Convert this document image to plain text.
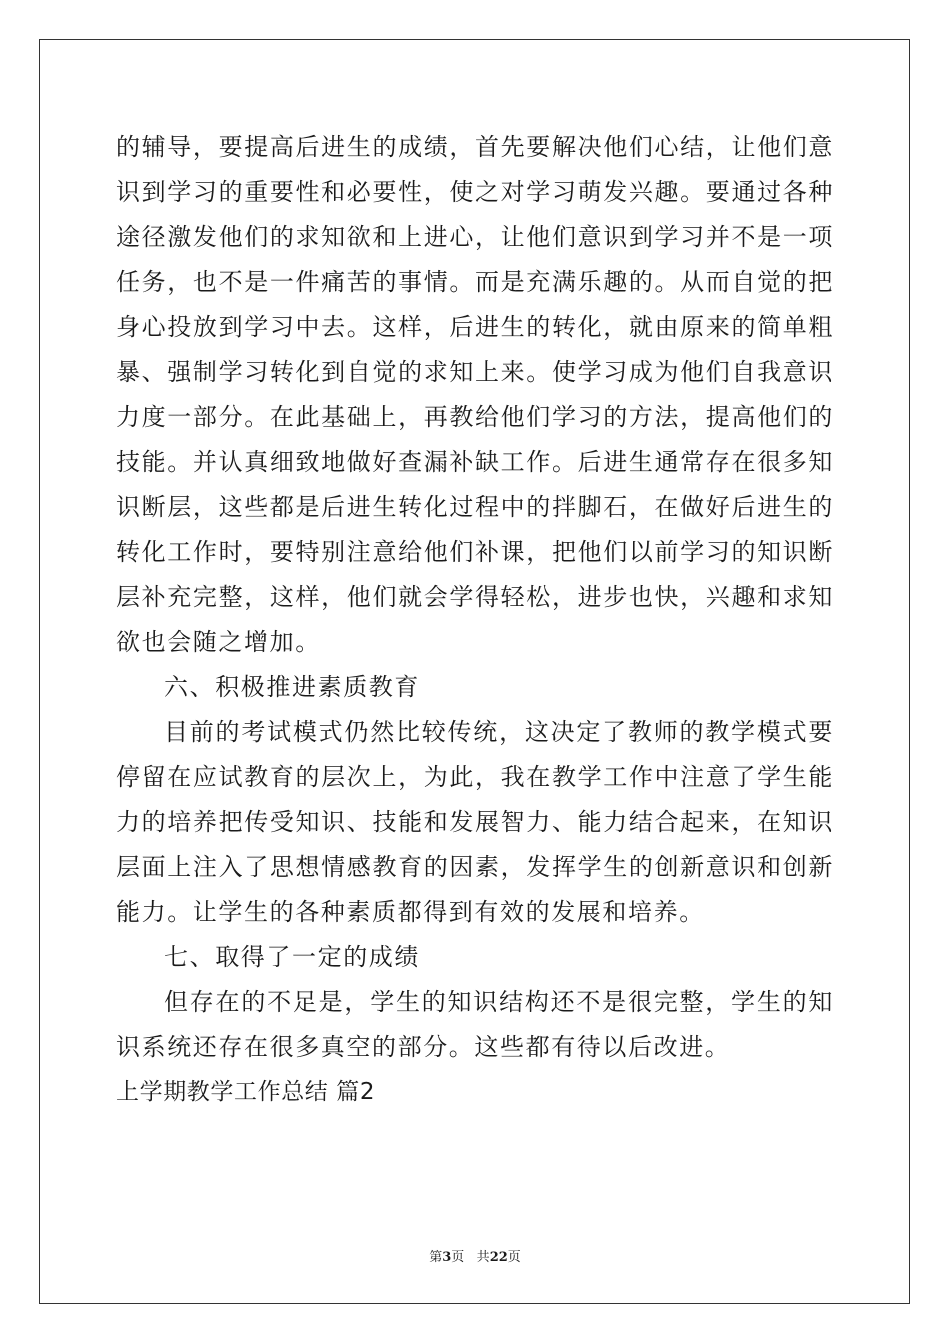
的辅导，要提高后进生的成绩，首先要解决他们心结，让他们意识到学习的重要性和必要性，使之对学习萌发兴趣。要通过各种途径激发他们的求知欲和上进心，让他们意识到学习并不是一项任务，也不是一件痛苦的事情。而是充满乐趣的。从而自觉的把身心投放到学习中去。这样，后进生的转化，就由原来的简单粗暴、强制学习转化到自觉的求知上来。使学习成为他们自我意识力度一部分。在此基础上，再教给他们学习的方法，提高他们的技能。并认真细致地做好查漏补缺工作。后进生通常存在很多知识断层，这些都是后进生转化过程中的拌脚石，在做好后进生的转化工作时，要特别注意给他们补课，把他们以前学习的知识断层补充完整，这样，他们就会学得轻松，进步也快，兴趣和求知欲也会随之增加。

六、积极推进素质教育

目前的考试模式仍然比较传统，这决定了教师的教学模式要停留在应试教育的层次上，为此，我在教学工作中注意了学生能力的培养把传受知识、技能和发展智力、能力结合起来，在知识层面上注入了思想情感教育的因素，发挥学生的创新意识和创新能力。让学生的各种素质都得到有效的发展和培养。

七、取得了一定的成绩

但存在的不足是，学生的知识结构还不是很完整，学生的知识系统还存在很多真空的部分。这些都有待以后改进。

上学期教学工作总结 篇2

第3页 共22页
